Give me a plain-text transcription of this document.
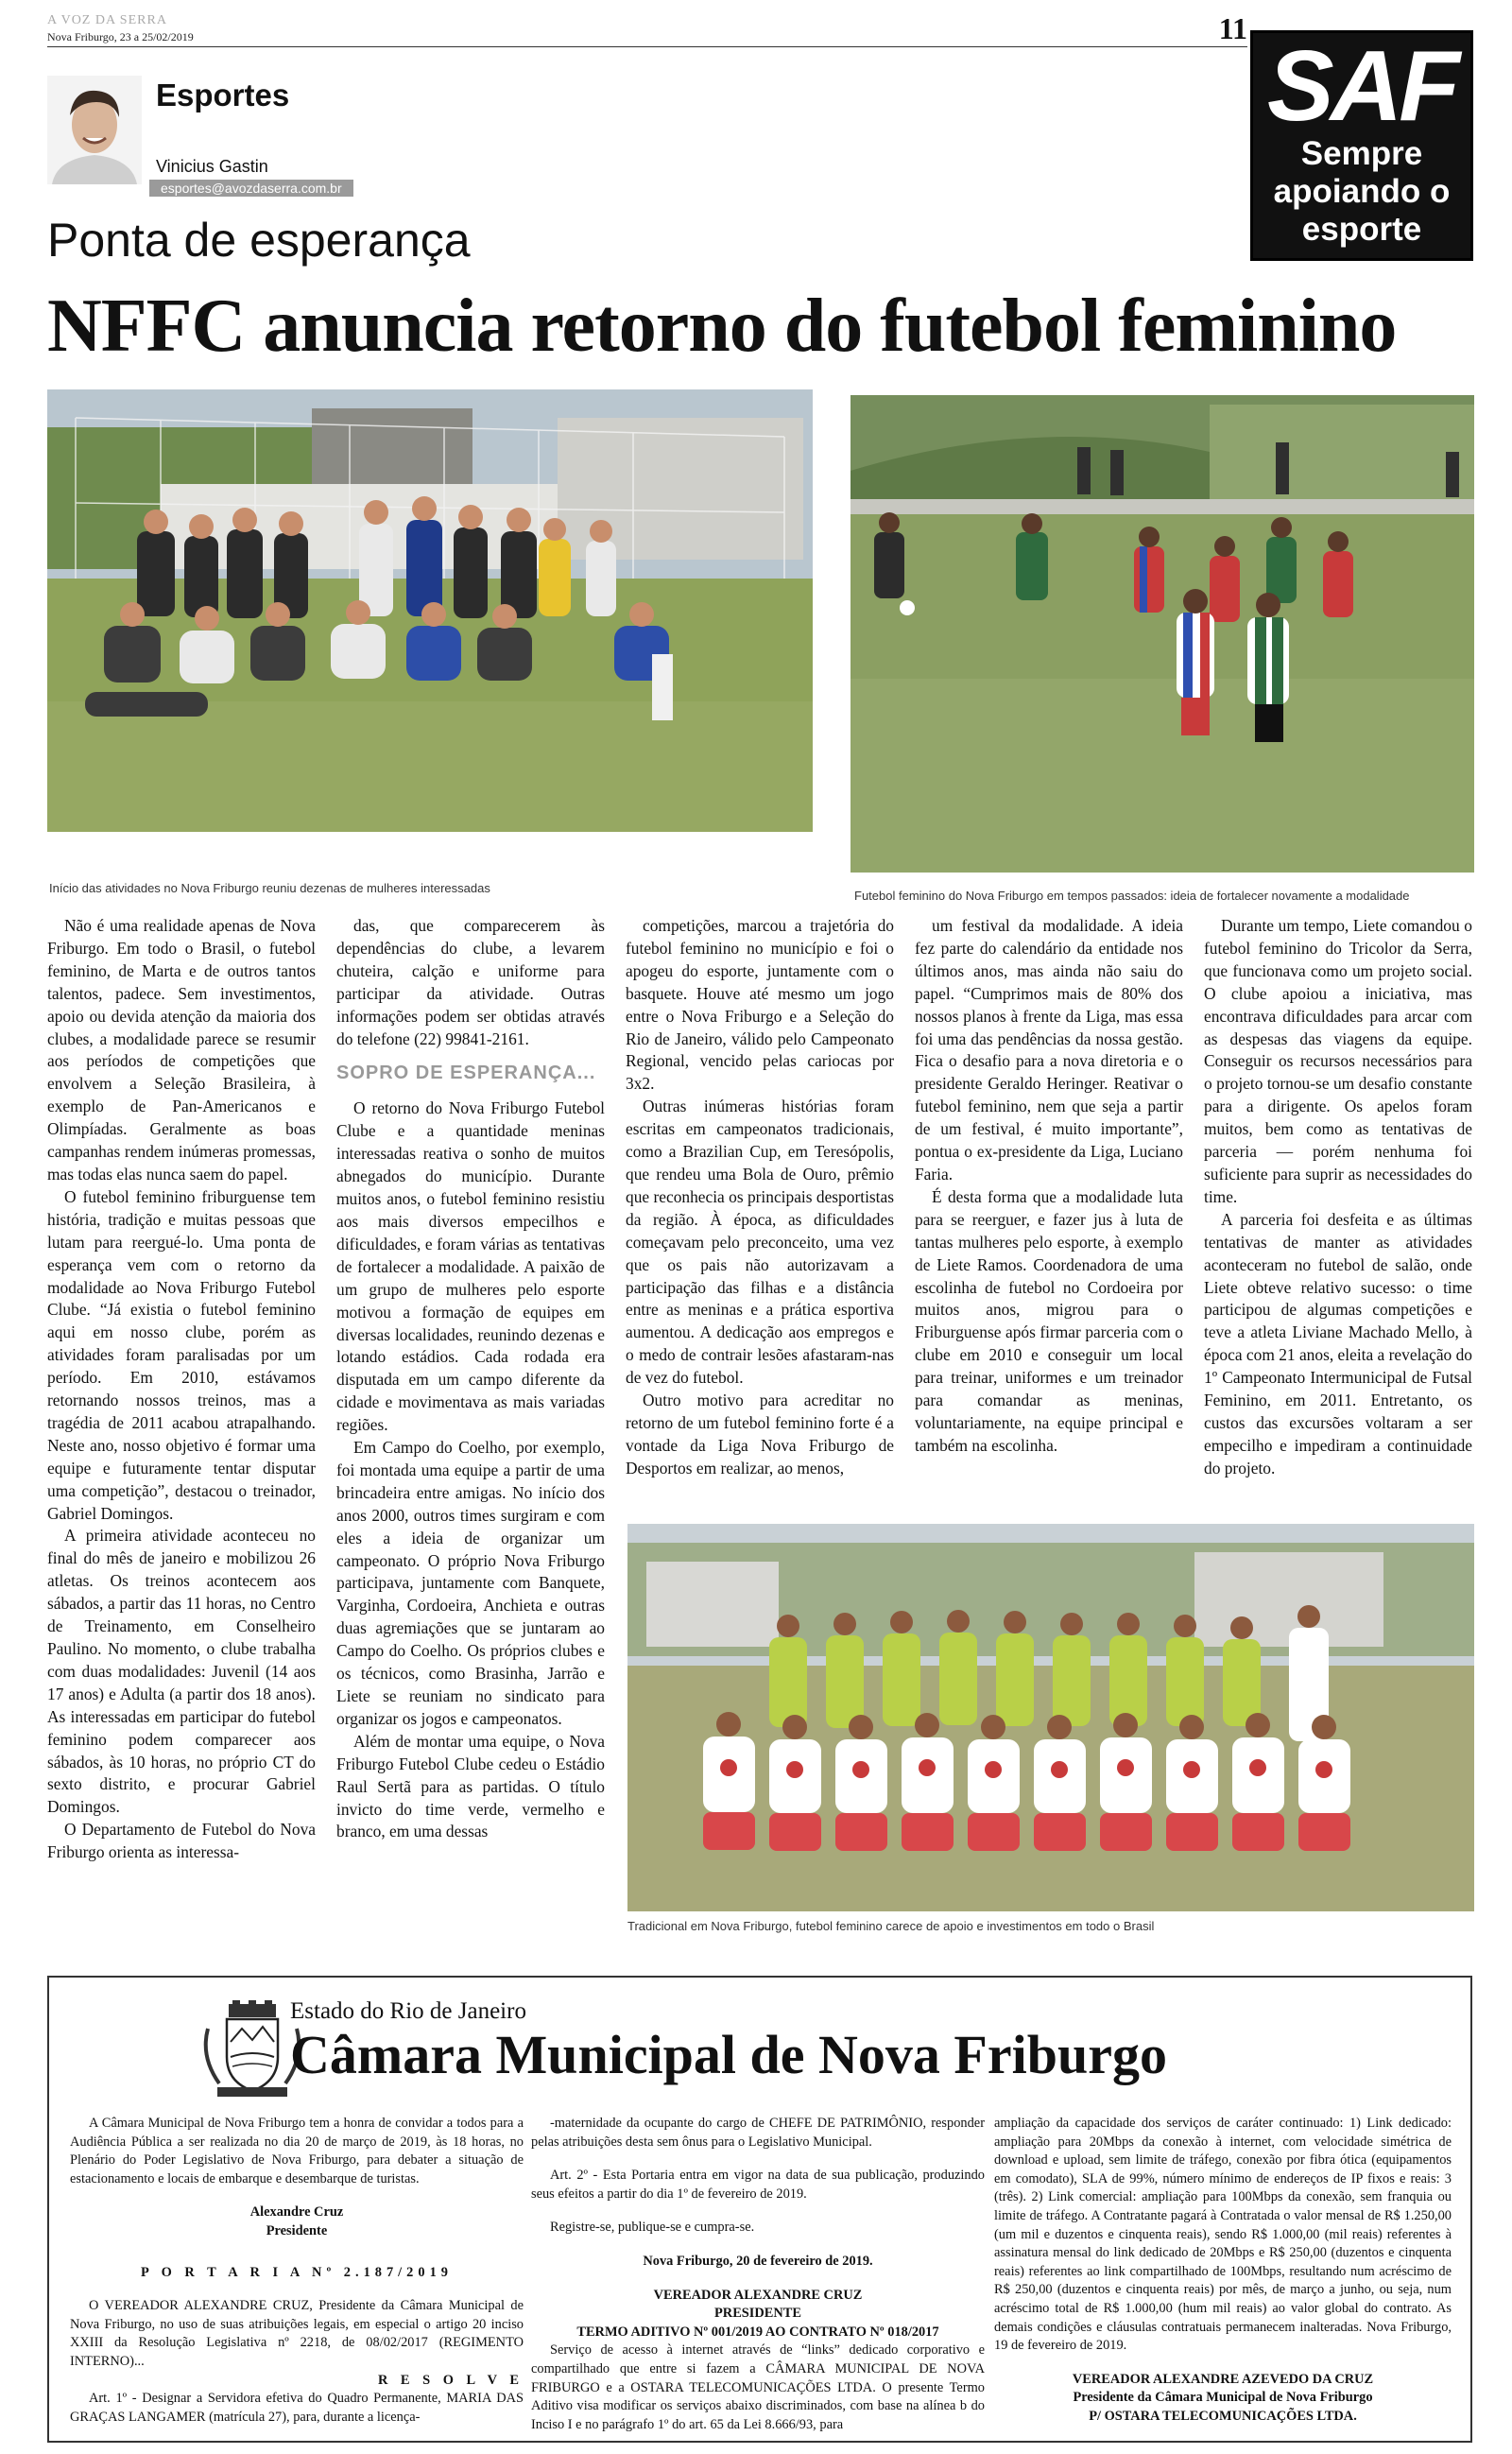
A VOZ DA SERRA
Nova Friburgo, 23 a 25/02/2019	11
Esportes
Vinicius Gastin
esportes@avozdaserra.com.br
SAF
Sempre
apoiando o
esporte
Ponta de esperança
NFFC anuncia retorno do futebol feminino
Início das atividades no Nova Friburgo reuniu dezenas de mulheres interessadas
Futebol feminino do Nova Friburgo em tempos passados: ideia de fortalecer novamente a modalidade

Não é uma realidade apenas de Nova Friburgo. Em todo o Brasil, o futebol feminino, de Marta e de outros tantos talentos, padece. Sem investimentos, apoio ou devida atenção da maioria dos clubes, a modalidade parece se resumir aos períodos de competições que envolvem a Seleção Brasileira, à exemplo de Pan-Americanos e Olimpíadas. Geralmente as boas campanhas rendem inúmeras promessas, mas todas elas nunca saem do papel.

O futebol feminino friburguense tem história, tradição e muitas pessoas que lutam para reergué-lo. Uma ponta de esperança vem com o retorno da modalidade ao Nova Friburgo Futebol Clube. “Já existia o futebol feminino aqui em nosso clube, porém as atividades foram paralisadas por um período. Em 2010, estávamos retornando nossos treinos, mas a tragédia de 2011 acabou atrapalhando. Neste ano, nosso objetivo é formar uma equipe e futuramente tentar disputar uma competição”, destacou o treinador, Gabriel Domingos.

A primeira atividade aconteceu no final do mês de janeiro e mobilizou 26 atletas. Os treinos acontecem aos sábados, a partir das 11 horas, no Centro de Treinamento, em Conselheiro Paulino. No momento, o clube trabalha com duas modalidades: Juvenil (14 aos 17 anos) e Adulta (a partir dos 18 anos). As interessadas em participar do futebol feminino podem comparecer aos sábados, às 10 horas, no próprio CT do sexto distrito, e procurar Gabriel Domingos.

O Departamento de Futebol do Nova Friburgo orienta as interessa-

das, que comparecerem às dependências do clube, a levarem chuteira, calção e uniforme para participar da atividade. Outras informações podem ser obtidas através do telefone (22) 99841-2161.

SOPRO DE ESPERANÇA...

O retorno do Nova Friburgo Futebol Clube e a quantidade meninas interessadas reativa o sonho de muitos abnegados do município. Durante muitos anos, o futebol feminino resistiu aos mais diversos empecilhos e dificuldades, e foram várias as tentativas de fortalecer a modalidade. A paixão de um grupo de mulheres pelo esporte motivou a formação de equipes em diversas localidades, reunindo dezenas e lotando estádios. Cada rodada era disputada em um campo diferente da cidade e movimentava as mais variadas regiões.

Em Campo do Coelho, por exemplo, foi montada uma equipe a partir de uma brincadeira entre amigas. No início dos anos 2000, outros times surgiram e com eles a ideia de organizar um campeonato. O próprio Nova Friburgo participava, juntamente com Banquete, Varginha, Cordoeira, Anchieta e outras duas agremiações que se juntaram ao Campo do Coelho. Os próprios clubes e os técnicos, como Brasinha, Jarrão e Liete se reuniam no sindicato para organizar os jogos e campeonatos.

Além de montar uma equipe, o Nova Friburgo Futebol Clube cedeu o Estádio Raul Sertã para as partidas. O título invicto do time verde, vermelho e branco, em uma dessas

competições, marcou a trajetória do futebol feminino no município e foi o apogeu do esporte, juntamente com o basquete. Houve até mesmo um jogo entre o Nova Friburgo e a Seleção do Rio de Janeiro, válido pelo Campeonato Regional, vencido pelas cariocas por 3x2.

Outras inúmeras histórias foram escritas em campeonatos tradicionais, como a Brazilian Cup, em Teresópolis, que rendeu uma Bola de Ouro, prêmio que reconhecia os principais desportistas da região. À época, as dificuldades começavam pelo preconceito, uma vez que os pais não autorizavam a participação das filhas e a distância entre as meninas e a prática esportiva aumentou. A dedicação aos empregos e o medo de contrair lesões afastaram-nas de vez do futebol.

Outro motivo para acreditar no retorno de um futebol feminino forte é a vontade da Liga Nova Friburgo de Desportos em realizar, ao menos,

um festival da modalidade. A ideia fez parte do calendário da entidade nos últimos anos, mas ainda não saiu do papel. “Cumprimos mais de 80% dos nossos planos à frente da Liga, mas essa foi uma das pendências da nossa gestão. Fica o desafio para a nova diretoria e o presidente Geraldo Heringer. Reativar o futebol feminino, nem que seja a partir de um festival, é muito importante”, pontua o ex-presidente da Liga, Luciano Faria.

É desta forma que a modalidade luta para se reerguer, e fazer jus à luta de tantas mulheres pelo esporte, à exemplo de Liete Ramos. Coordenadora de uma escolinha de futebol no Cordoeira por muitos anos, migrou para o Friburguense após firmar parceria com o clube em 2010 e conseguir um local para treinar, uniformes e um treinador para comandar as meninas, voluntariamente, na equipe principal e também na escolinha.

Durante um tempo, Liete comandou o futebol feminino do Tricolor da Serra, que funcionava como um projeto social. O clube apoiou a iniciativa, mas encontrava dificuldades para arcar com as despesas das viagens da equipe. Conseguir os recursos necessários para o projeto tornou-se um desafio constante para a dirigente. Os apelos foram muitos, bem como as tentativas de parceria — porém nenhuma foi suficiente para suprir as necessidades do time.

A parceria foi desfeita e as últimas tentativas de manter as atividades aconteceram no futebol de salão, onde Liete obteve relativo sucesso: o time participou de algumas competições e teve a atleta Liviane Machado Mello, à época com 21 anos, eleita a revelação do 1º Campeonato Intermunicipal de Futsal Feminino, em 2011. Entretanto, os custos das excursões voltaram a ser empecilho e impediram a continuidade do projeto.

Tradicional em Nova Friburgo, futebol feminino carece de apoio e investimentos em todo o Brasil
Estado do Rio de Janeiro
Câmara Municipal de Nova Friburgo

A Câmara Municipal de Nova Friburgo tem a honra de convidar a todos para a Audiência Pública a ser realizada no dia 20 de março de 2019, às 18 horas, no Plenário do Poder Legislativo de Nova Friburgo, para debater a situação de estacionamento e locais de embarque e desembarque de turistas.

Alexandre Cruz

Presidente

P O R T A R I A Nº 2.187/2019

O VEREADOR ALEXANDRE CRUZ, Presidente da Câmara Municipal de Nova Friburgo, no uso de suas atribuições legais, em especial o artigo 20 inciso XXIII da Resolução Legislativa nº 2218, de 08/02/2017 (REGIMENTO INTERNO)...

R E S O L V E

Art. 1º - Designar a Servidora efetiva do Quadro Permanente, MARIA DAS GRAÇAS LANGAMER (matrícula 27), para, durante a licença-

-maternidade da ocupante do cargo de CHEFE DE PATRIMÔNIO, responder pelas atribuições desta sem ônus para o Legislativo Municipal.

Art. 2º - Esta Portaria entra em vigor na data de sua publicação, produzindo seus efeitos a partir do dia 1º de fevereiro de 2019.

Registre-se, publique-se e cumpra-se.

Nova Friburgo, 20 de fevereiro de 2019.

VEREADOR ALEXANDRE CRUZ

PRESIDENTE

TERMO ADITIVO Nº 001/2019 AO CONTRATO Nº 018/2017

Serviço de acesso à internet através de “links” dedicado corporativo e compartilhado que entre si fazem a CÂMARA MUNICIPAL DE NOVA FRIBURGO e a OSTARA TELECOMUNICAÇÕES LTDA. O presente Termo Aditivo visa modificar os serviços abaixo discriminados, com base na alínea b do Inciso I e no parágrafo 1º do art. 65 da Lei 8.666/93, para

ampliação da capacidade dos serviços de caráter continuado: 1) Link dedicado: ampliação para 20Mbps da conexão à internet, com velocidade simétrica de download e upload, sem limite de tráfego, conexão por fibra ótica (equipamentos em comodato), SLA de 99%, número mínimo de endereços de IP fixos e reais: 3 (três). 2) Link comercial: ampliação para 100Mbps da conexão, sem franquia ou limite de tráfego. A Contratante pagará à Contratada o valor mensal de R$ 1.250,00 (um mil e duzentos e cinquenta reais), sendo R$ 1.000,00 (mil reais) referentes à assinatura mensal do link dedicado de 20Mbps e R$ 250,00 (duzentos e cinquenta reais) referentes ao link compartilhado de 100Mbps, resultando num acréscimo de R$ 250,00 (duzentos e cinquenta reais) por mês, de março a junho, ou seja, num acréscimo total de R$ 1.000,00 (hum mil reais) ao valor global do contrato. As demais condições e cláusulas contratuais permanecem inalteradas. Nova Friburgo, 19 de fevereiro de 2019.

VEREADOR ALEXANDRE AZEVEDO DA CRUZ

Presidente da Câmara Municipal de Nova Friburgo

P/ OSTARA TELECOMUNICAÇÕES LTDA.
